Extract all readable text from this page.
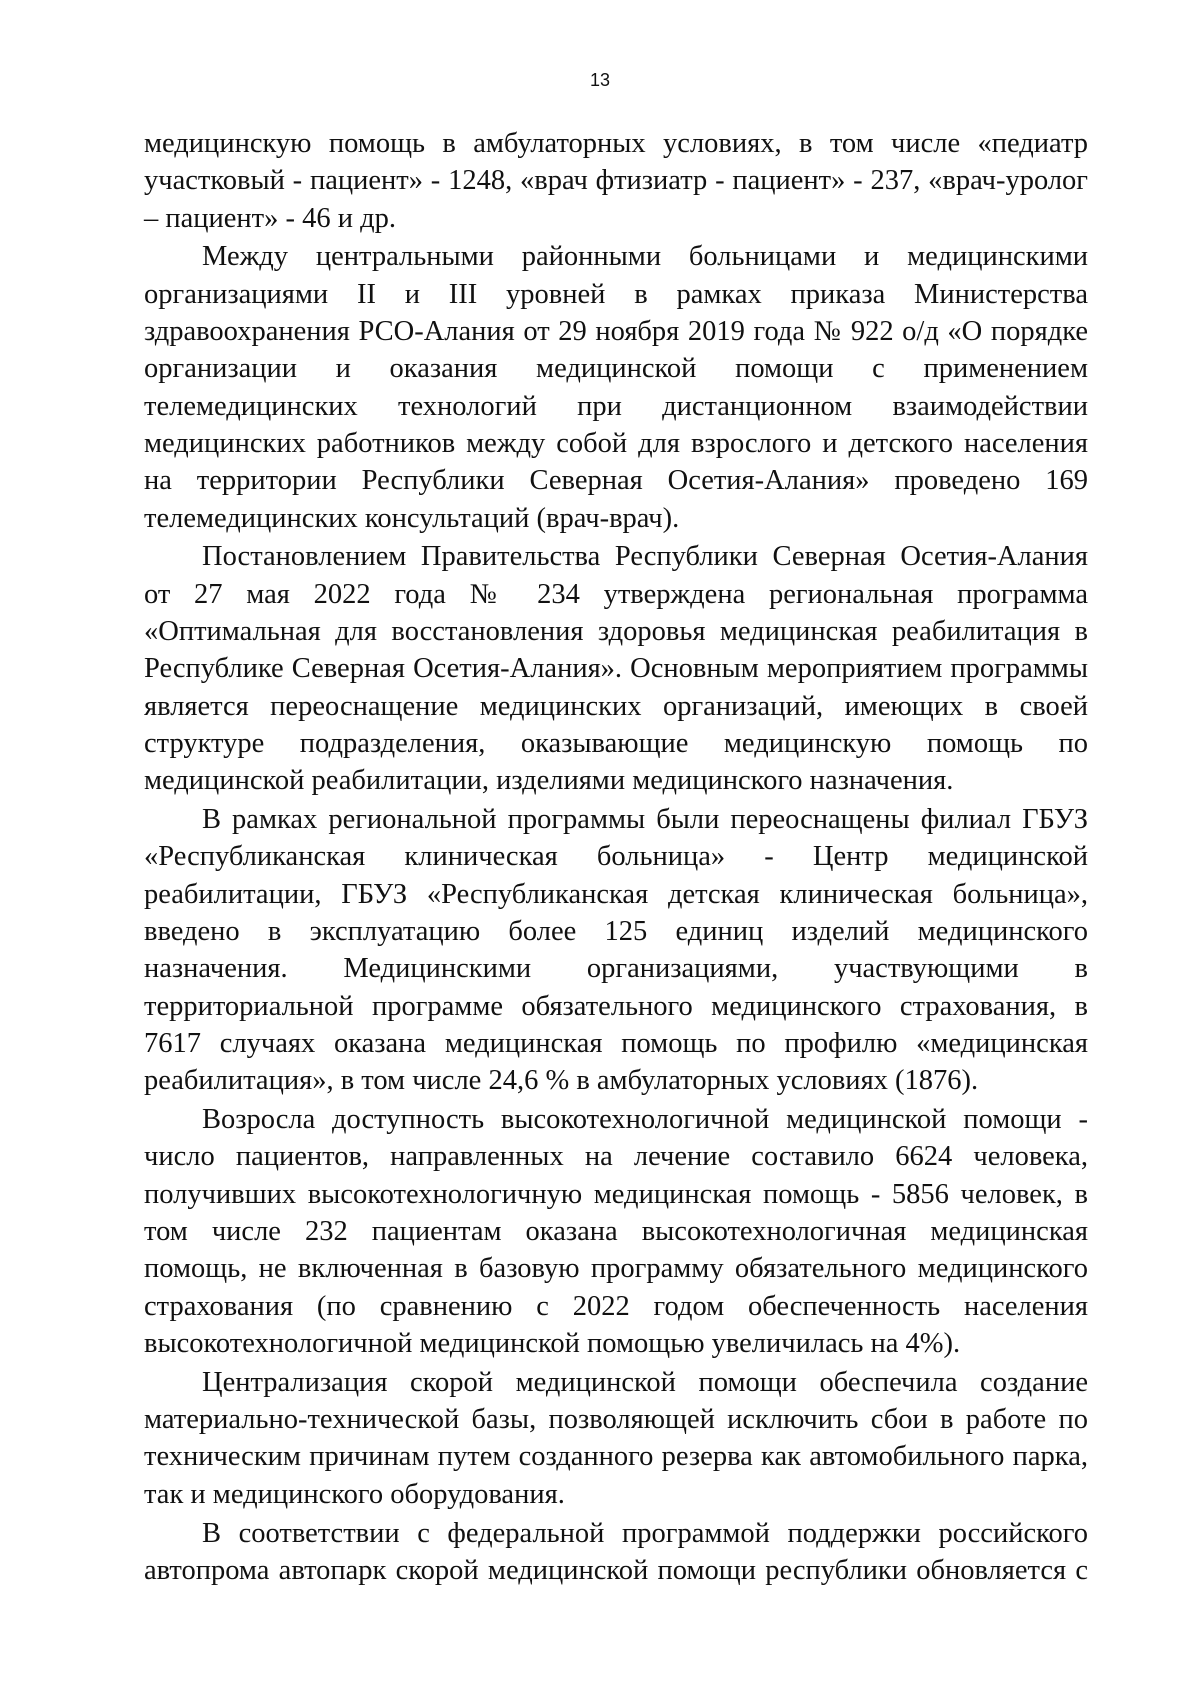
13

медицинскую помощь в амбулаторных условиях, в том числе «педиатр участковый - пациент» - 1248, «врач фтизиатр - пациент» - 237, «врач-уролог – пациент» - 46 и др.

Между центральными районными больницами и медицинскими организациями II и III уровней в рамках приказа Министерства здравоохранения РСО-Алания от 29 ноября 2019 года № 922 о/д «О порядке организации и оказания медицинской помощи с применением телемедицинских технологий при дистанционном взаимодействии медицинских работников между собой для взрослого и детского населения на территории Республики Северная Осетия-Алания» проведено 169 телемедицинских консультаций (врач-врач).

Постановлением Правительства Республики Северная Осетия-Алания от 27 мая 2022 года № 234 утверждена региональная программа «Оптимальная для восстановления здоровья медицинская реабилитация в Республике Северная Осетия-Алания». Основным мероприятием программы является переоснащение медицинских организаций, имеющих в своей структуре подразделения, оказывающие медицинскую помощь по медицинской реабилитации, изделиями медицинского назначения.

В рамках региональной программы были переоснащены филиал ГБУЗ «Республиканская клиническая больница» - Центр медицинской реабилитации, ГБУЗ «Республиканская детская клиническая больница», введено в эксплуатацию более 125 единиц изделий медицинского назначения. Медицинскими организациями, участвующими в территориальной программе обязательного медицинского страхования, в 7617 случаях оказана медицинская помощь по профилю «медицинская реабилитация», в том числе 24,6 % в амбулаторных условиях (1876).

Возросла доступность высокотехнологичной медицинской помощи - число пациентов, направленных на лечение составило 6624 человека, получивших высокотехнологичную медицинская помощь - 5856 человек, в том числе 232 пациентам оказана высокотехнологичная медицинская помощь, не включенная в базовую программу обязательного медицинского страхования (по сравнению с 2022 годом обеспеченность населения высокотехнологичной медицинской помощью увеличилась на 4%).

Централизация скорой медицинской помощи обеспечила создание материально-технической базы, позволяющей исключить сбои в работе по техническим причинам путем созданного резерва как автомобильного парка, так и медицинского оборудования.

В соответствии с федеральной программой поддержки российского автопрома автопарк скорой медицинской помощи республики обновляется с
